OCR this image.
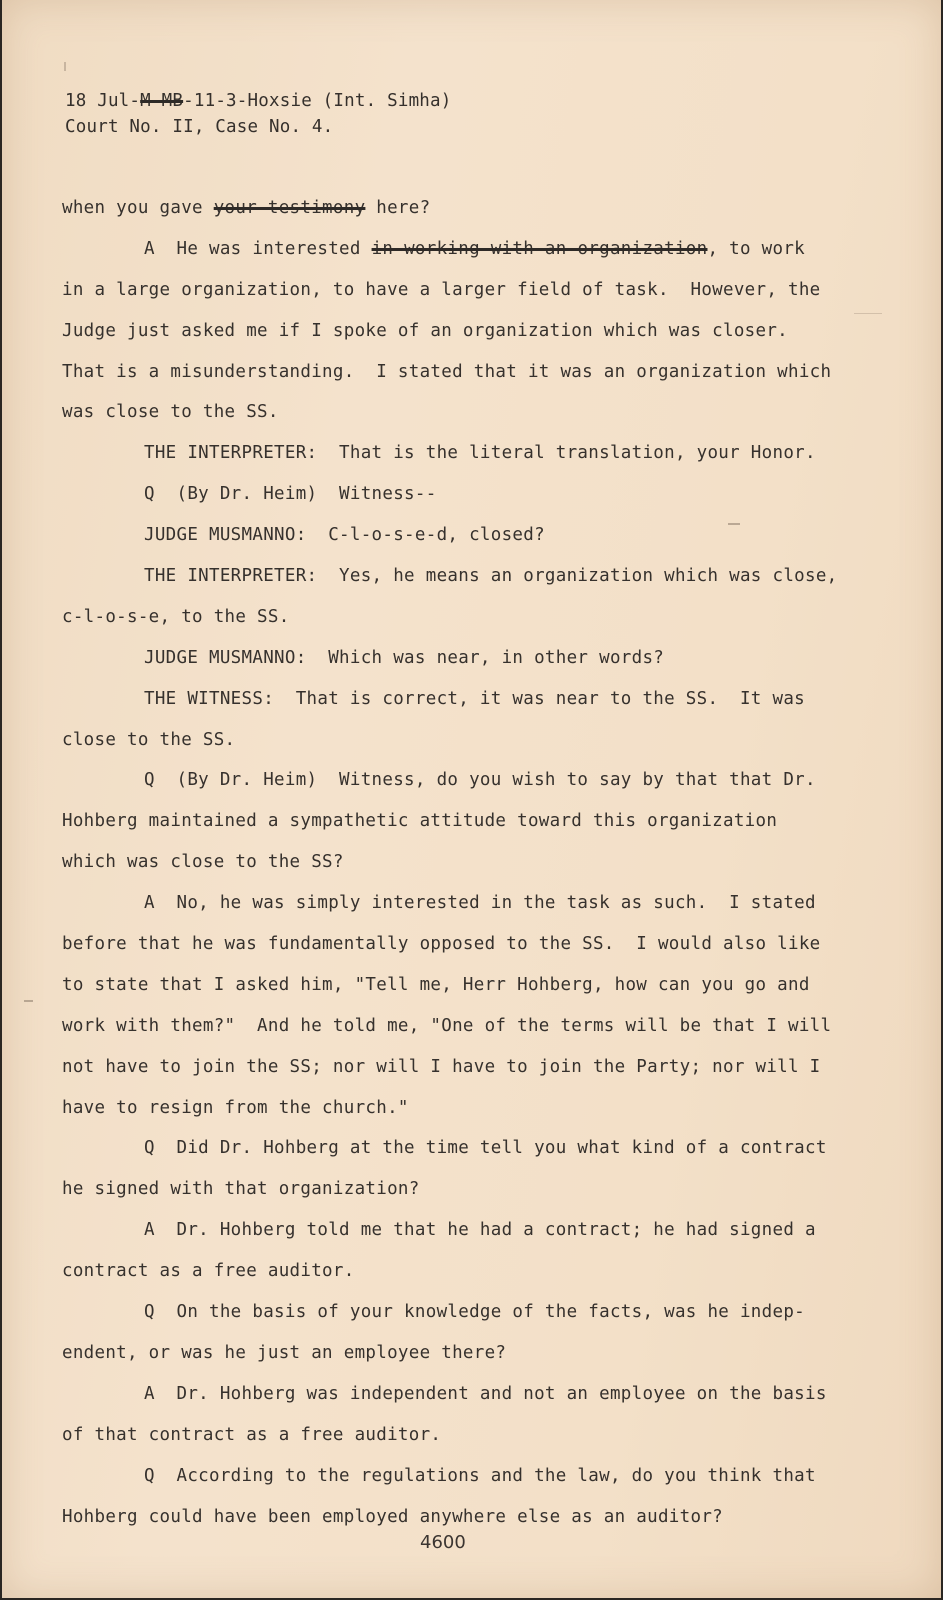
18 Jul-M-MB-11-3-Hoxsie (Int. Simha)
Court No. II, Case No. 4.
when you gave your testimony here?
A  He was interested in working with an organization, to work
in a large organization, to have a larger field of task.  However, the
Judge just asked me if I spoke of an organization which was closer.
That is a misunderstanding.  I stated that it was an organization which
was close to the SS.
THE INTERPRETER:  That is the literal translation, your Honor.
Q  (By Dr. Heim)  Witness--
JUDGE MUSMANNO:  C-l-o-s-e-d, closed?
THE INTERPRETER:  Yes, he means an organization which was close,
c-l-o-s-e, to the SS.
JUDGE MUSMANNO:  Which was near, in other words?
THE WITNESS:  That is correct, it was near to the SS.  It was
close to the SS.
Q  (By Dr. Heim)  Witness, do you wish to say by that that Dr.
Hohberg maintained a sympathetic attitude toward this organization
which was close to the SS?
A  No, he was simply interested in the task as such.  I stated
before that he was fundamentally opposed to the SS.  I would also like
to state that I asked him, "Tell me, Herr Hohberg, how can you go and
work with them?"  And he told me, "One of the terms will be that I will
not have to join the SS; nor will I have to join the Party; nor will I
have to resign from the church."
Q  Did Dr. Hohberg at the time tell you what kind of a contract
he signed with that organization?
A  Dr. Hohberg told me that he had a contract; he had signed a
contract as a free auditor.
Q  On the basis of your knowledge of the facts, was he indep-
endent, or was he just an employee there?
A  Dr. Hohberg was independent and not an employee on the basis
of that contract as a free auditor.
Q  According to the regulations and the law, do you think that
Hohberg could have been employed anywhere else as an auditor?
4600
